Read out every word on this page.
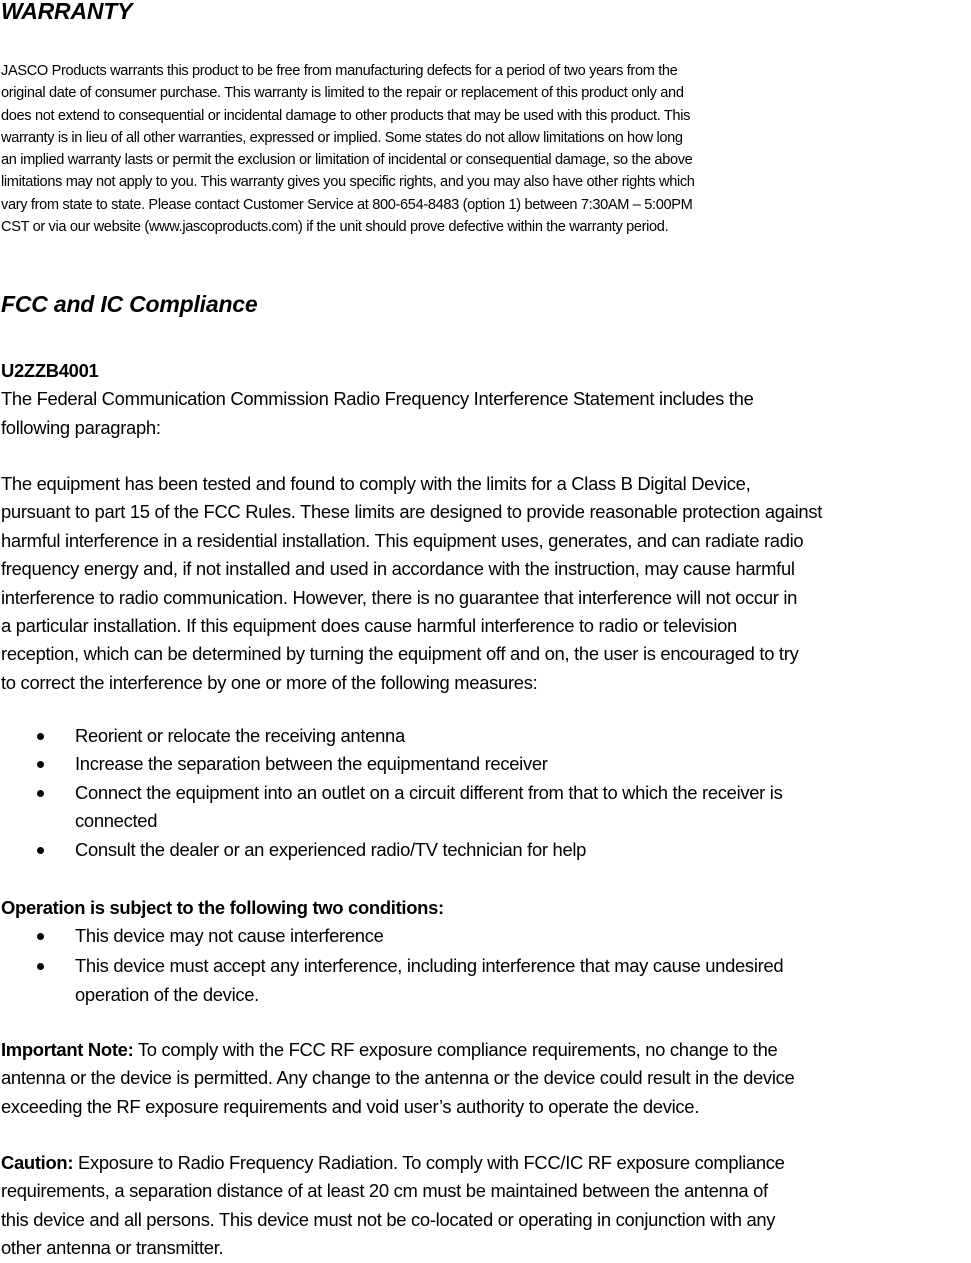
WARRANTY
JASCO Products warrants this product to be free from manufacturing defects for a period of two years from the
original date of consumer purchase. This warranty is limited to the repair or replacement of this product only and
does not extend to consequential or incidental damage to other products that may be used with this product. This
warranty is in lieu of all other warranties, expressed or implied. Some states do not allow limitations on how long
an implied warranty lasts or permit the exclusion or limitation of incidental or consequential damage, so the above
limitations may not apply to you. This warranty gives you specific rights, and you may also have other rights which
vary from state to state. Please contact Customer Service at 800-654-8483 (option 1) between 7:30AM – 5:00PM
CST or via our website (www.jascoproducts.com) if the unit should prove defective within the warranty period.
FCC and IC Compliance
U2ZZB4001
The Federal Communication Commission Radio Frequency Interference Statement includes the
following paragraph:
The equipment has been tested and found to comply with the limits for a Class B Digital Device,
pursuant to part 15 of the FCC Rules. These limits are designed to provide reasonable protection against
harmful interference in a residential installation. This equipment uses, generates, and can radiate radio
frequency energy and, if not installed and used in accordance with the instruction, may cause harmful
interference to radio communication. However, there is no guarantee that interference will not occur in
a particular installation. If this equipment does cause harmful interference to radio or television
reception, which can be determined by turning the equipment off and on, the user is encouraged to try
to correct the interference by one or more of the following measures:
Reorient or relocate the receiving antenna
Increase the separation between the equipmentand receiver
Connect the equipment into an outlet on a circuit different from that to which the receiver is
connected
Consult the dealer or an experienced radio/TV technician for help
Operation is subject to the following two conditions:
This device may not cause interference
This device must accept any interference, including interference that may cause undesired
operation of the device.
Important Note: To comply with the FCC RF exposure compliance requirements, no change to the
antenna or the device is permitted. Any change to the antenna or the device could result in the device
exceeding the RF exposure requirements and void user’s authority to operate the device.
Caution: Exposure to Radio Frequency Radiation. To comply with FCC/IC RF exposure compliance
requirements, a separation distance of at least 20 cm must be maintained between the antenna of
this device and all persons. This device must not be co-located or operating in conjunction with any
other antenna or transmitter.
